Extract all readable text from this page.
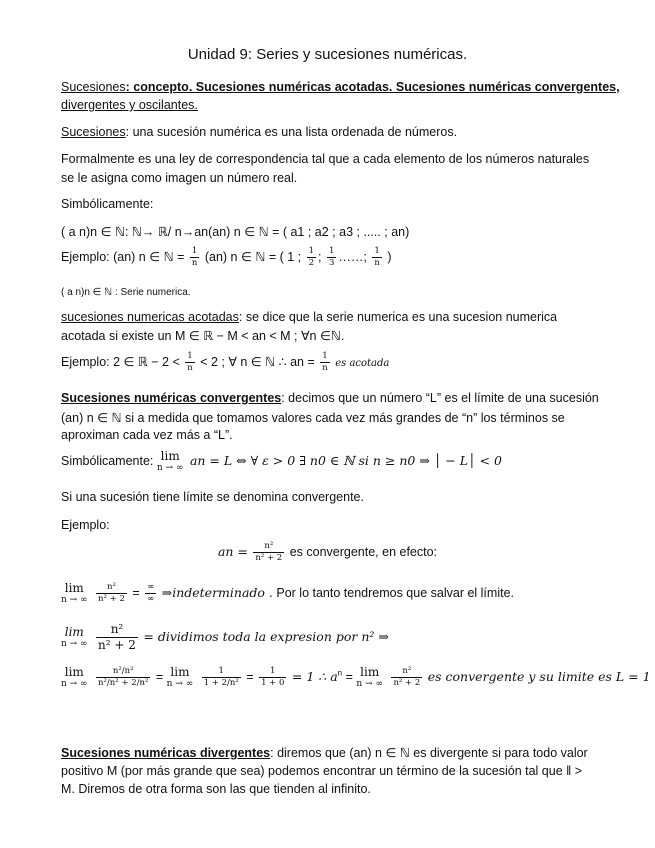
Unidad 9: Series y sucesiones numéricas.
Sucesiones: concepto. Sucesiones numéricas acotadas. Sucesiones numéricas convergentes,
divergentes y oscilantes.
Sucesiones: una sucesión numérica es una lista ordenada de números.
Formalmente es una ley de correspondencia tal que a cada elemento de los números naturales
se le asigna como imagen un número real.
Simbólicamente:
( a n)n ∈ ℕ: ℕ→ ℝ/ n→an(an) n ∈ ℕ = ( a1 ; a2 ; a3 ; ..... ; an)
Ejemplo: (an) n ∈ ℕ = $\frac{1}{n} (an)$ n ∈ ℕ = ( 1 ; $\frac{1}{2}$ ; $\frac{1}{3}$ ……; $\frac{1}{n}$ )
( a n)n ∈ ℕ : Serie numerica.
sucesiones numericas acotadas: se dice que la serie numerica es una sucesion numerica
acotada si existe un M ∈ ℝ − M < an < M ; ∀n ∈ℕ.
Ejemplo: 2 ∈ ℝ − $2 < \frac{1}{n} < 2$ ; ∀ n ∈ ℕ ∴ an = $\frac{1}{n}$ es acotada
Sucesiones numéricas convergentes: decimos que un número “L” es el límite de una sucesión
(an) n ∈ ℕ si a medida que tomamos valores cada vez más grandes de “n” los términos se
aproximan cada vez más a “L”.
Simbólicamente: lim
n → ∞
an = L ⇔ ∀ ε > 0 ∃ n0 ∈ ℕ si n ≥ n0 ⇒ │ − L│ < 0
Si una sucesión tiene límite se denomina convergente.
Ejemplo:
an = $\frac{\text{n²}}{\text{n² + 2}}$ es convergente, en efecto:
lim
n → ∞
$\frac{\text{n²}}{\text{n² + 2}} = \frac{\infty}{\infty}$ ⇒indeterminado . Por lo tanto tendremos que salvar el límite.
lim
n → ∞
$\frac{\text{n²}}{\text{n² + 2}}$ = dividimos toda la expresion por n² ⇒
lim
n → ∞
$\frac{\text{n²/n²}}{\text{n²/n² + 2/n²}} = \lim$
n → ∞
$\frac{1}{\text{1 + 2/n²}} = \frac{1}{1 + 0} = 1$ ∴ $a^n = \lim$
n → ∞
$\frac{\text{n²}}{\text{n² + 2}}$ es convergente y su limite es L = 1
Sucesiones numéricas divergentes: diremos que (an) n ∈ ℕ es divergente si para todo valor
positivo M (por más grande que sea) podemos encontrar un término de la sucesión tal que ‖ >
M. Diremos de otra forma son las que tienden al infinito.
